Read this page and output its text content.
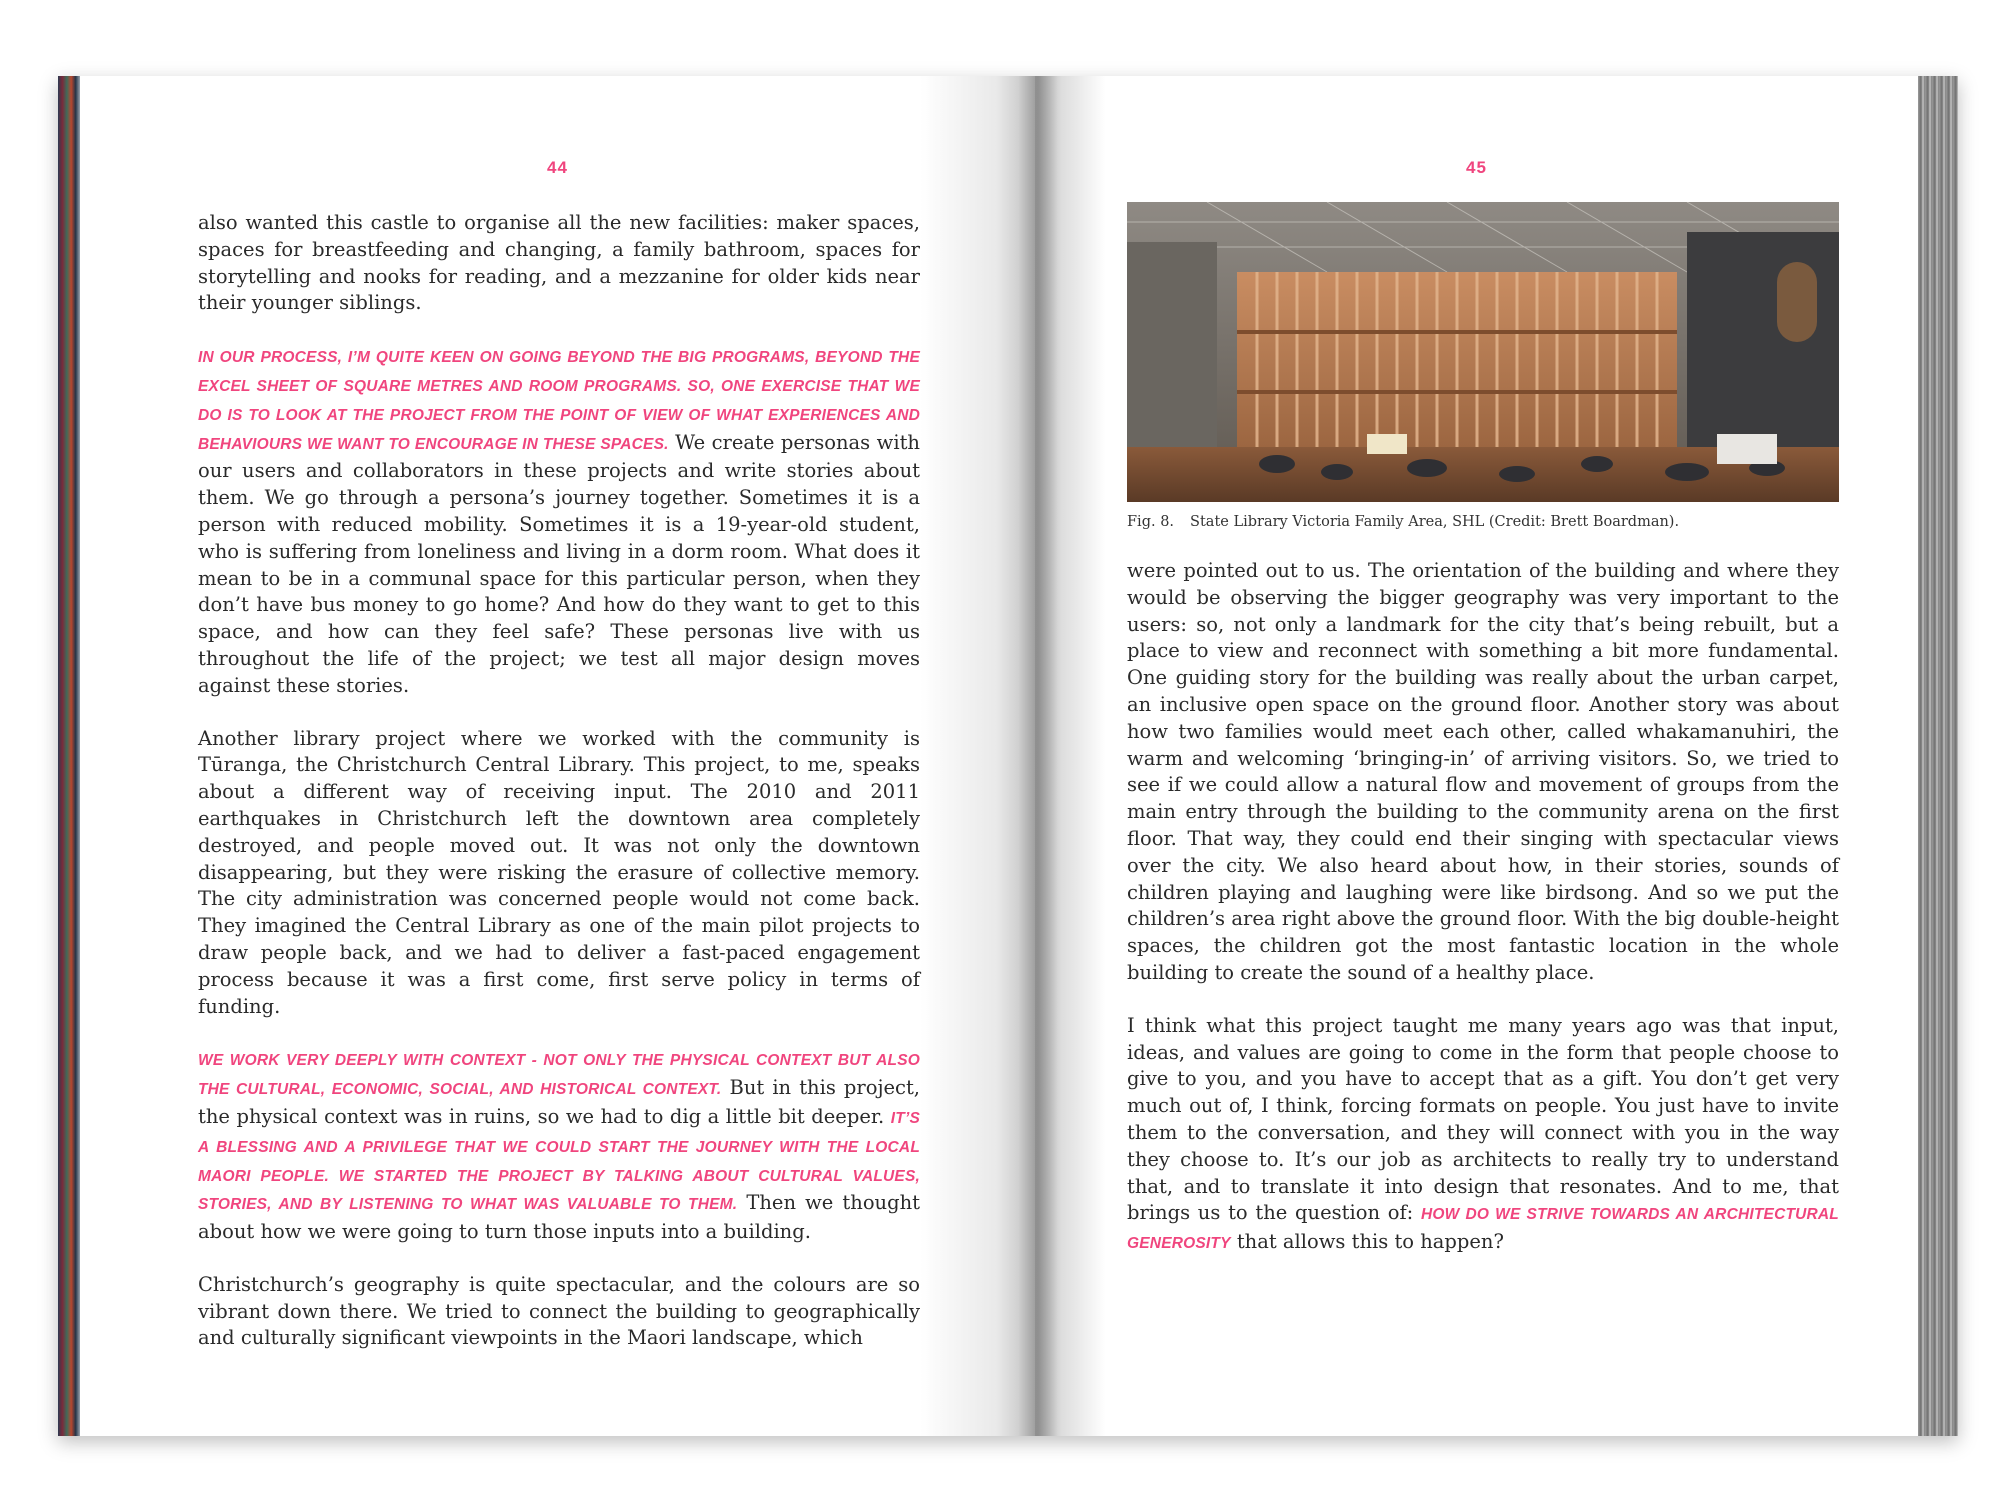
44

also wanted this castle to organise all the new facilities: maker spaces, spaces for breastfeeding and changing, a family bathroom, spaces for storytelling and nooks for reading, and a mezzanine for older kids near their younger siblings.

IN OUR PROCESS, I’M QUITE KEEN ON GOING BEYOND THE BIG PROGRAMS, BEYOND THE EXCEL SHEET OF SQUARE METRES AND ROOM PROGRAMS. SO, ONE EXERCISE THAT WE DO IS TO LOOK AT THE PROJECT FROM THE POINT OF VIEW OF WHAT EXPERIENCES AND BEHAVIOURS WE WANT TO ENCOURAGE IN THESE SPACES. We create personas with our users and collaborators in these projects and write stories about them. We go through a persona’s journey together. Sometimes it is a person with reduced mobility. Sometimes it is a 19-year-old student, who is suffering from loneliness and living in a dorm room. What does it mean to be in a communal space for this particular person, when they don’t have bus money to go home? And how do they want to get to this space, and how can they feel safe? These personas live with us throughout the life of the project; we test all major design moves against these stories.

Another library project where we worked with the community is Tūranga, the Christchurch Central Library. This project, to me, speaks about a different way of receiving input. The 2010 and 2011 earthquakes in Christchurch left the downtown area completely destroyed, and people moved out. It was not only the downtown disappearing, but they were risking the erasure of collective memory. The city administration was concerned people would not come back. They imagined the Central Library as one of the main pilot projects to draw people back, and we had to deliver a fast-paced engagement process because it was a first come, first serve policy in terms of funding.

WE WORK VERY DEEPLY WITH CONTEXT - NOT ONLY THE PHYSICAL CONTEXT BUT ALSO THE CULTURAL, ECONOMIC, SOCIAL, AND HISTORICAL CONTEXT. But in this project, the physical context was in ruins, so we had to dig a little bit deeper. IT’S A BLESSING AND A PRIVILEGE THAT WE COULD START THE JOURNEY WITH THE LOCAL MAORI PEOPLE. WE STARTED THE PROJECT BY TALKING ABOUT CULTURAL VALUES, STORIES, AND BY LISTENING TO WHAT WAS VALUABLE TO THEM. Then we thought about how we were going to turn those inputs into a building.

Christchurch’s geography is quite spectacular, and the colours are so vibrant down there. We tried to connect the building to geographically and culturally significant viewpoints in the Maori landscape, which

45
Fig. 8. State Library Victoria Family Area, SHL (Credit: Brett Boardman).

were pointed out to us. The orientation of the building and where they would be observing the bigger geography was very important to the users: so, not only a landmark for the city that’s being rebuilt, but a place to view and reconnect with something a bit more fundamental. One guiding story for the building was really about the urban carpet, an inclusive open space on the ground floor. Another story was about how two families would meet each other, called whakamanuhiri, the warm and welcoming ‘bringing-in’ of arriving visitors. So, we tried to see if we could allow a natural flow and movement of groups from the main entry through the building to the community arena on the first floor. That way, they could end their singing with spectacular views over the city. We also heard about how, in their stories, sounds of children playing and laughing were like birdsong. And so we put the children’s area right above the ground floor. With the big double-height spaces, the children got the most fantastic location in the whole building to create the sound of a healthy place.

I think what this project taught me many years ago was that input, ideas, and values are going to come in the form that people choose to give to you, and you have to accept that as a gift. You don’t get very much out of, I think, forcing formats on people. You just have to invite them to the conversation, and they will connect with you in the way they choose to. It’s our job as architects to really try to understand that, and to translate it into design that resonates. And to me, that brings us to the question of: HOW DO WE STRIVE TOWARDS AN ARCHITECTURAL GENEROSITY that allows this to happen?
